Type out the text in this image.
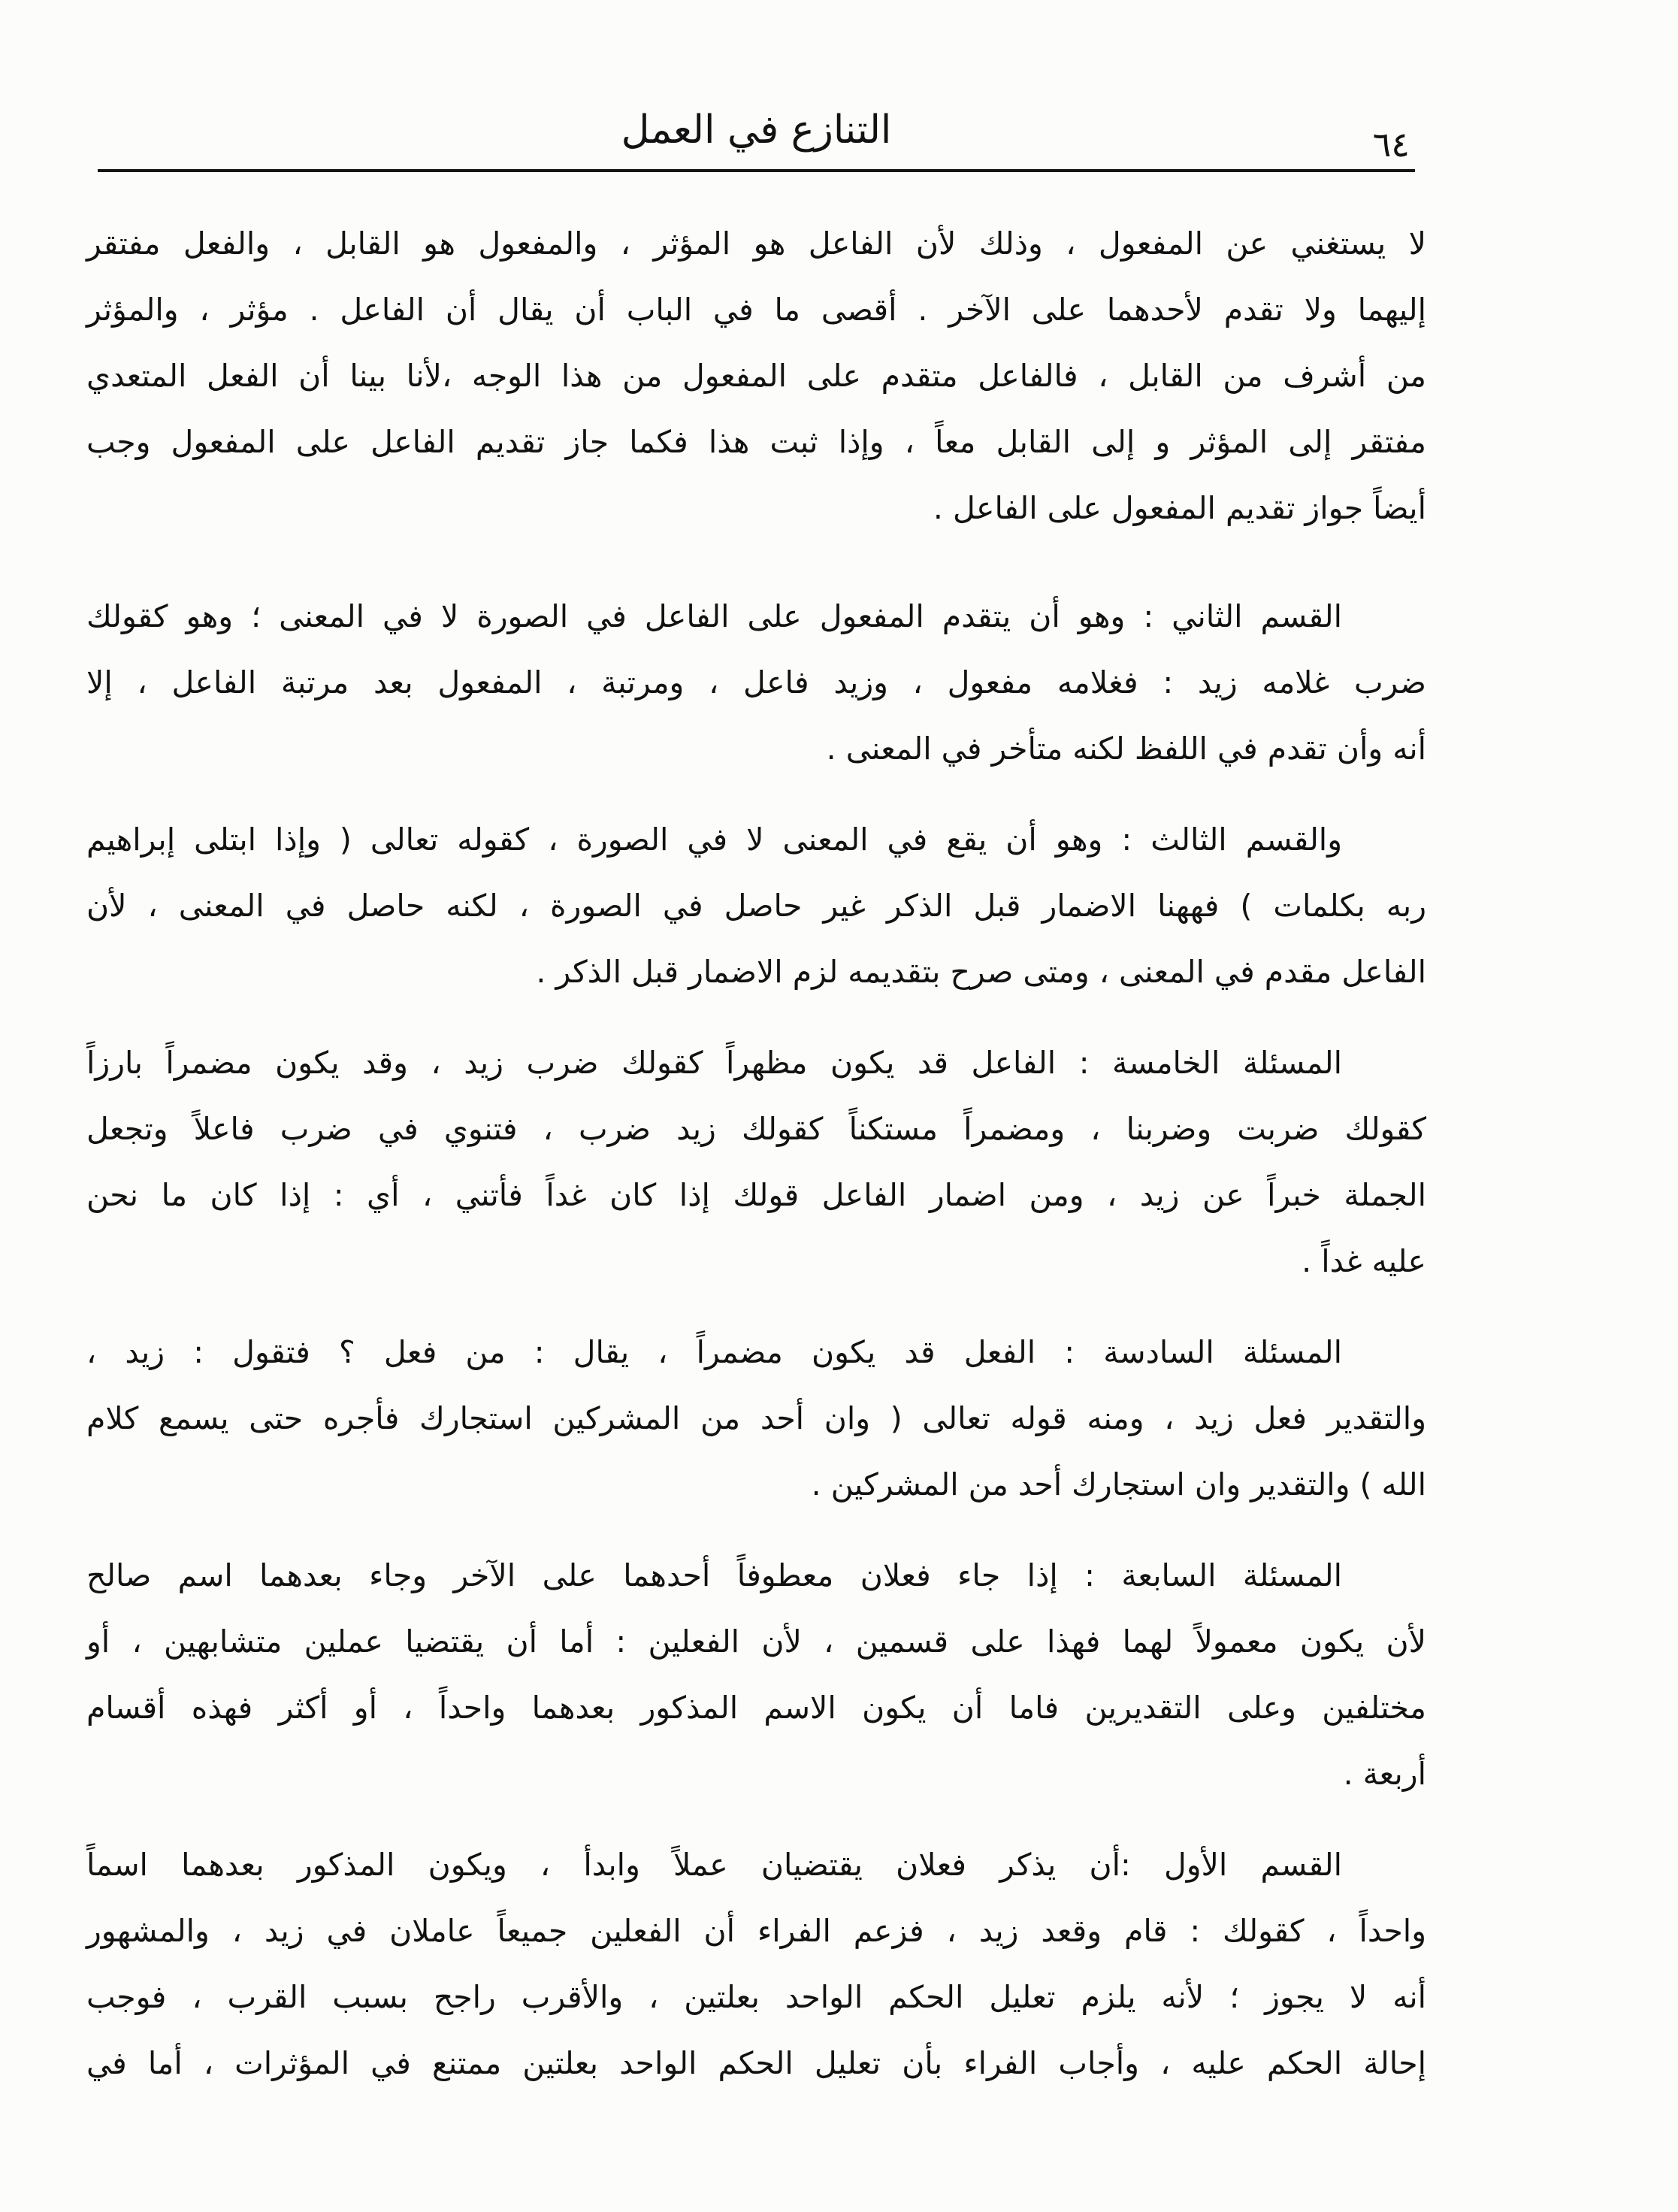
التنازع في العمل	٦٤
لا يستغني عن المفعول ، وذلك لأن الفاعل هو المؤثر ، والمفعول هو القابل ، والفعل مفتقر
إليهما ولا تقدم لأحدهما على الآخر . أقصى ما في الباب أن يقال أن الفاعل . مؤثر ، والمؤثر
من أشرف من القابل ، فالفاعل متقدم على المفعول من هذا الوجه ،لأنا بينا أن الفعل المتعدي
مفتقر إلى المؤثر و إلى القابل معاً ، وإذا ثبت هذا فكما جاز تقديم الفاعل على المفعول وجب
أيضاً جواز تقديم المفعول على الفاعل .
القسم الثاني : وهو أن يتقدم المفعول على الفاعل في الصورة لا في المعنى ؛ وهو كقولك
ضرب غلامه زيد : فغلامه مفعول ، وزيد فاعل ، ومرتبة ، المفعول بعد مرتبة الفاعل ، إلا
أنه وأن تقدم في اللفظ لكنه متأخر في المعنى .
والقسم الثالث : وهو أن يقع في المعنى لا في الصورة ، كقوله تعالى ( وإذا ابتلى إبراهيم
ربه بكلمات ) فههنا الاضمار قبل الذكر غير حاصل في الصورة ، لكنه حاصل في المعنى ، لأن
الفاعل مقدم في المعنى ، ومتى صرح بتقديمه لزم الاضمار قبل الذكر .
المسئلة الخامسة : الفاعل قد يكون مظهراً كقولك ضرب زيد ، وقد يكون مضمراً بارزاً
كقولك ضربت وضربنا ، ومضمراً مستكناً كقولك زيد ضرب ، فتنوي في ضرب فاعلاً وتجعل
الجملة خبراً عن زيد ، ومن اضمار الفاعل قولك إذا كان غداً فأتني ، أي : إذا كان ما نحن
عليه غداً .
المسئلة السادسة : الفعل قد يكون مضمراً ، يقال : من فعل ؟ فتقول : زيد ،
والتقدير فعل زيد ، ومنه قوله تعالى ( وان أحد من المشركين استجارك فأجره حتى يسمع كلام
الله ) والتقدير وان استجارك أحد من المشركين .
المسئلة السابعة : إذا جاء فعلان معطوفاً أحدهما على الآخر وجاء بعدهما اسم صالح
لأن يكون معمولاً لهما فهذا على قسمين ، لأن الفعلين : أما أن يقتضيا عملين متشابهين ، أو
مختلفين وعلى التقديرين فاما أن يكون الاسم المذكور بعدهما واحداً ، أو أكثر فهذه أقسام
أربعة .
القسم الأول :أن يذكر فعلان يقتضيان عملاً وابدأ ، ويكون المذكور بعدهما اسماً
واحداً ، كقولك : قام وقعد زيد ، فزعم الفراء أن الفعلين جميعاً عاملان في زيد ، والمشهور
أنه لا يجوز ؛ لأنه يلزم تعليل الحكم الواحد بعلتين ، والأقرب راجح بسبب القرب ، فوجب
إحالة الحكم عليه ، وأجاب الفراء بأن تعليل الحكم الواحد بعلتين ممتنع في المؤثرات ، أما في
